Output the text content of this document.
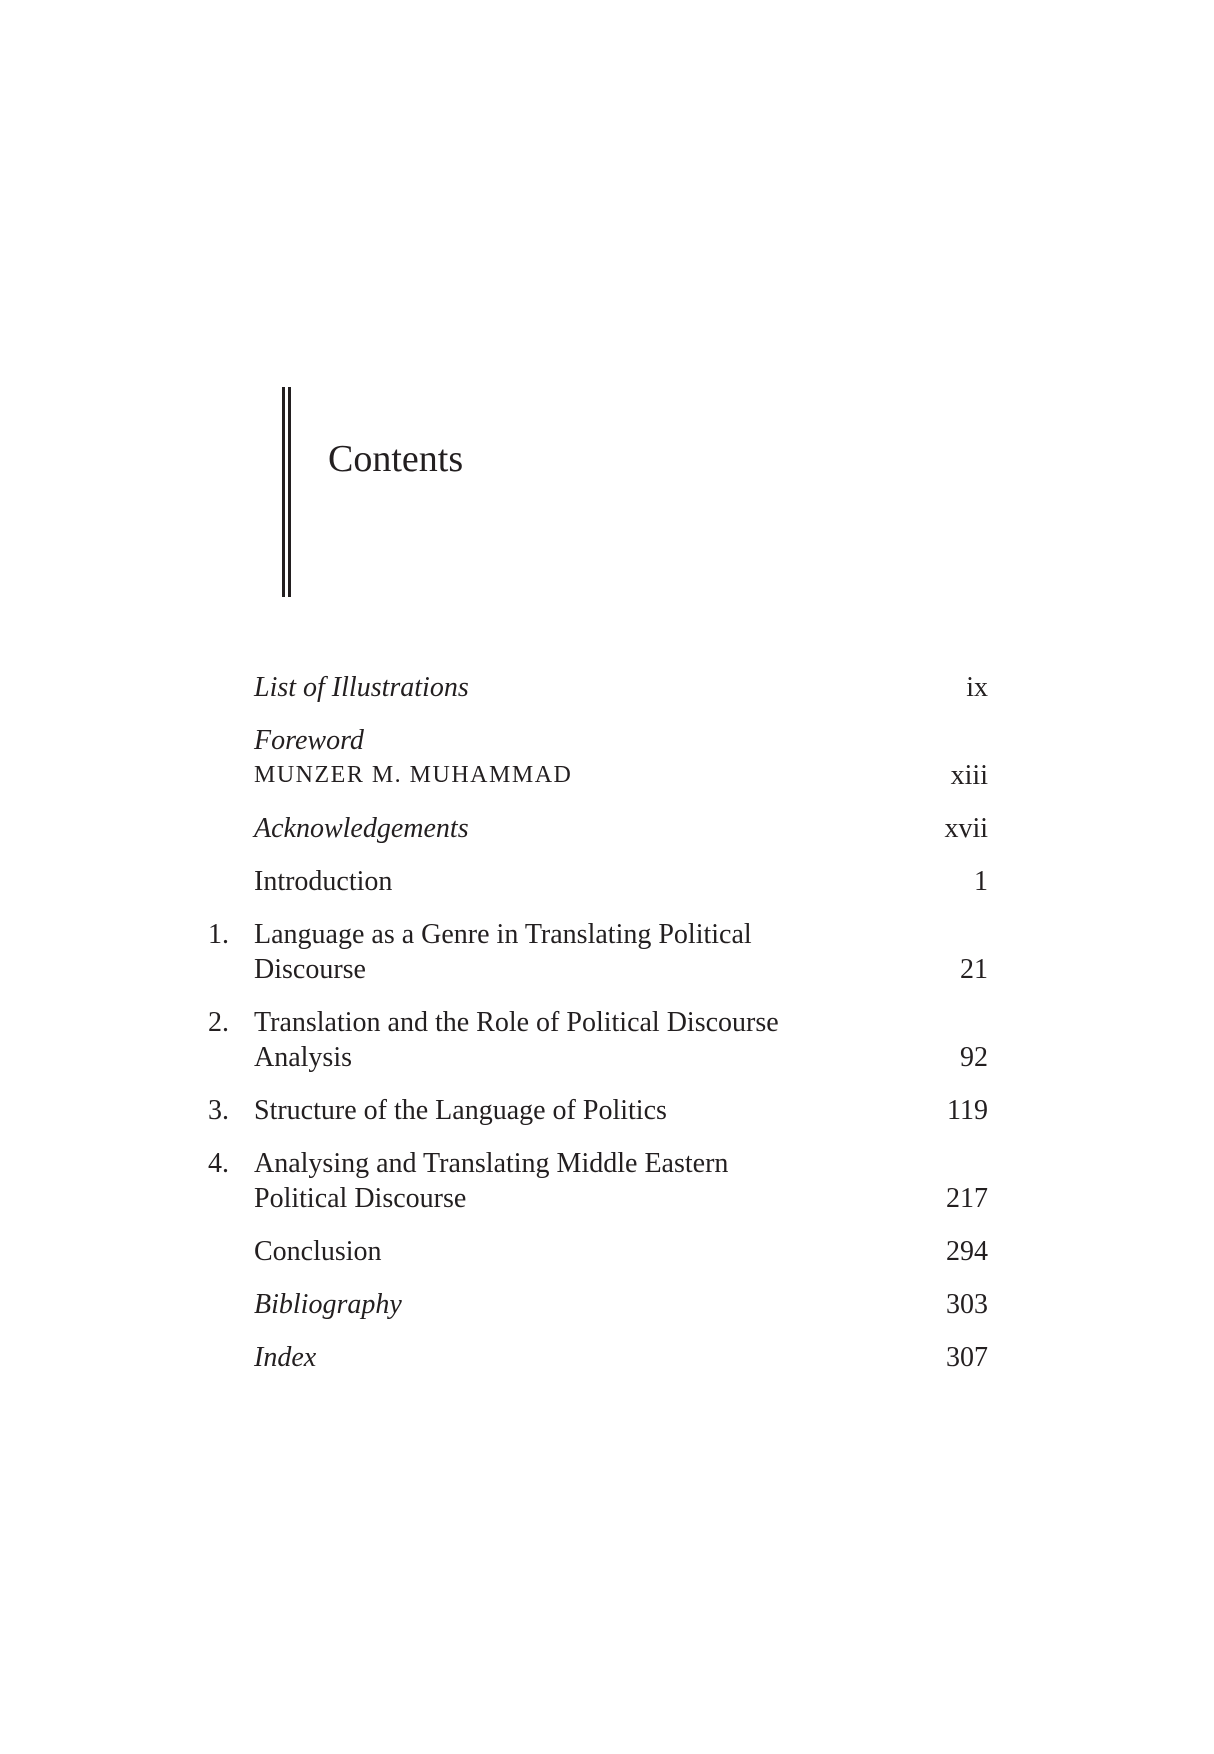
Contents
List of Illustrations	ix
Foreword
MUNZER M. MUHAMMAD	xiii
Acknowledgements	xvii
Introduction	1
1. Language as a Genre in Translating Political
Discourse	21
2. Translation and the Role of Political Discourse
Analysis	92
3. Structure of the Language of Politics	119
4. Analysing and Translating Middle Eastern
Political Discourse	217
Conclusion	294
Bibliography	303
Index	307
